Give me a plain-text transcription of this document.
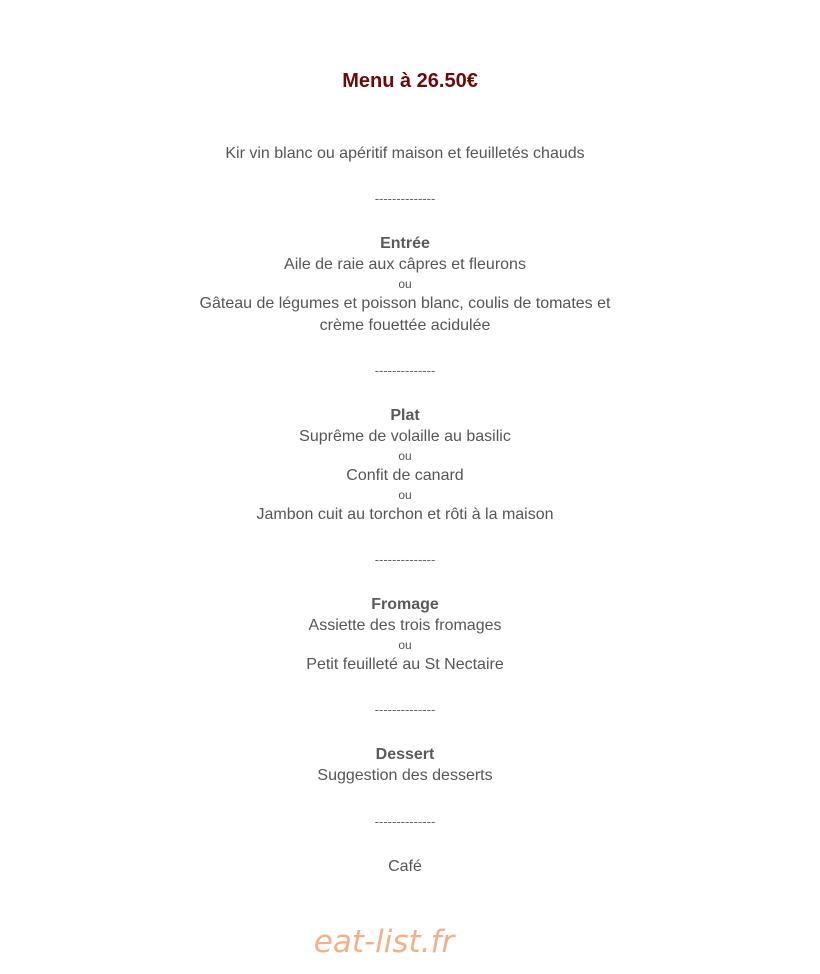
Menu à 26.50€
Kir vin blanc ou apéritif maison et feuilletés chauds
--------------
Entrée
Aile de raie aux câpres et fleurons
ou
Gâteau de légumes et poisson blanc, coulis de tomates et
crème fouettée acidulée
--------------
Plat
Suprême de volaille au basilic
ou
Confit de canard
ou
Jambon cuit au torchon et rôti à la maison
--------------
Fromage
Assiette des trois fromages
ou
Petit feuilleté au St Nectaire
--------------
Dessert
Suggestion des desserts
--------------
Café
eat-list.fr
